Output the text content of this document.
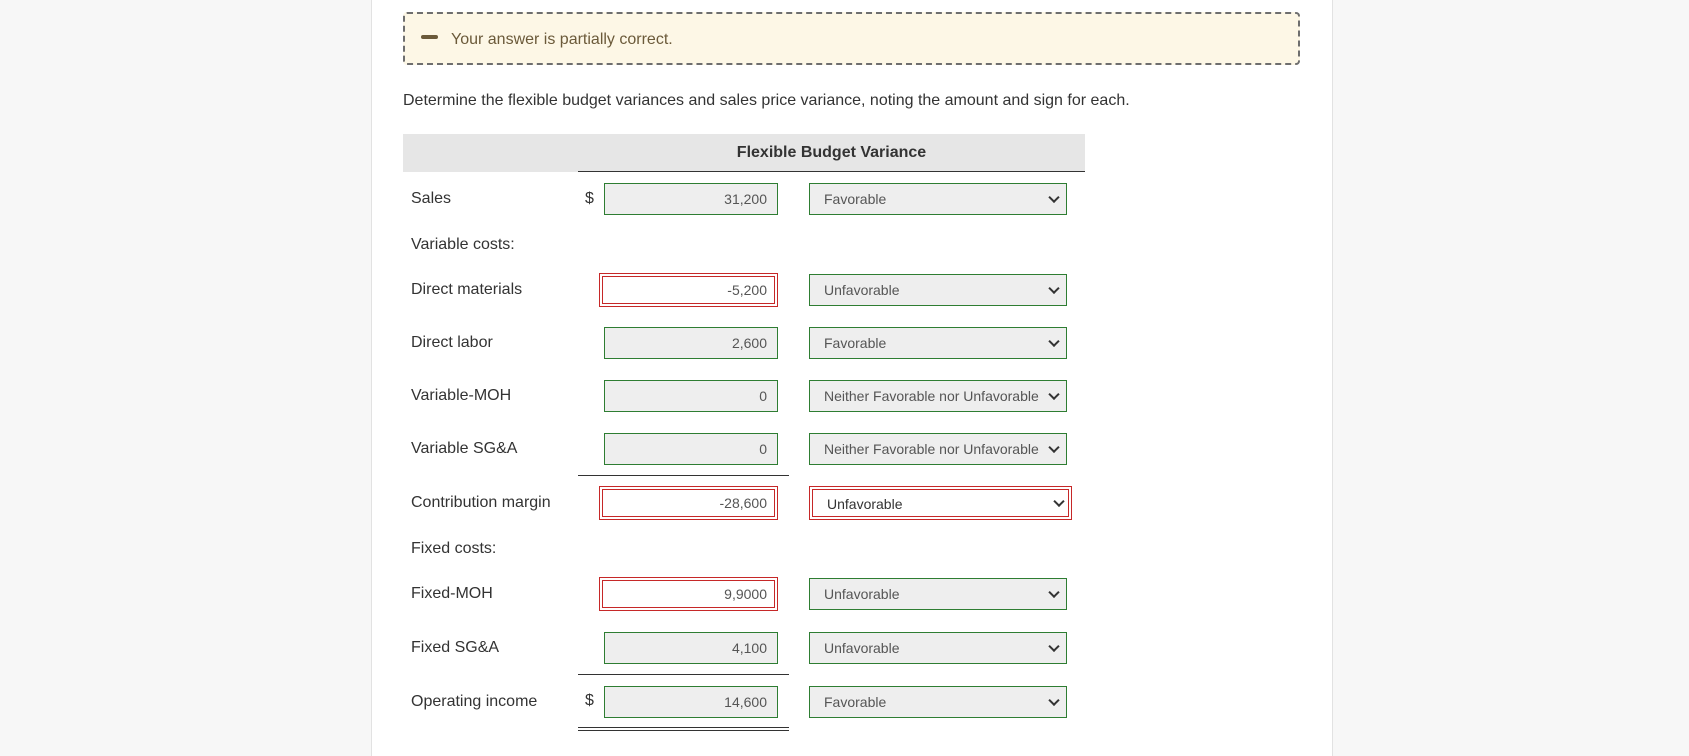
Your answer is partially correct.
Determine the flexible budget variances and sales price variance, noting the amount and sign for each.
Flexible Budget Variance
Sales	$	31,200	Favorable
Variable costs:
Direct materials	-5,200	Unfavorable
Direct labor	2,600	Favorable
Variable-MOH	0	Neither Favorable nor Unfavorable
Variable SG&A	0	Neither Favorable nor Unfavorable
Contribution margin	-28,600	Unfavorable
Fixed costs:
Fixed-MOH	9,9000	Unfavorable
Fixed SG&A	4,100	Unfavorable
Operating income	$	14,600	Favorable
